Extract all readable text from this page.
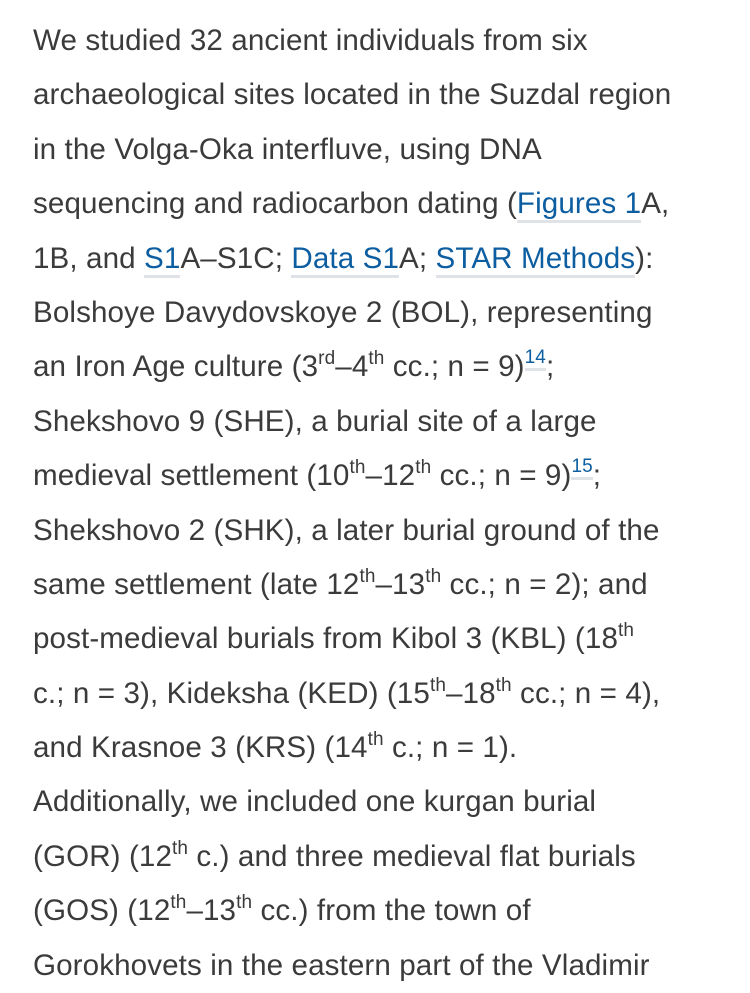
We studied 32 ancient individuals from six
archaeological sites located in the Suzdal region
in the Volga-Oka interfluve, using DNA
sequencing and radiocarbon dating (Figures 1A,
1B, and S1A–S1C; Data S1A; STAR Methods):
Bolshoye Davydovskoye 2 (BOL), representing
an Iron Age culture (3rd–4th cc.; n = 9)$^{14}$;
Shekshovo 9 (SHE), a burial site of a large
medieval settlement (10th–12th cc.; n = 9)$^{15}$;
Shekshovo 2 (SHK), a later burial ground of the
same settlement (late 12th–13th cc.; n = 2); and
post-medieval burials from Kibol 3 (KBL) (18th
c.; n = 3), Kideksha (KED) (15th–18th cc.; n = 4),
and Krasnoe 3 (KRS) (14th c.; n = 1).
Additionally, we included one kurgan burial
(GOR) (12th c.) and three medieval flat burials
(GOS) (12th–13th cc.) from the town of
Gorokhovets in the eastern part of the Vladimir
